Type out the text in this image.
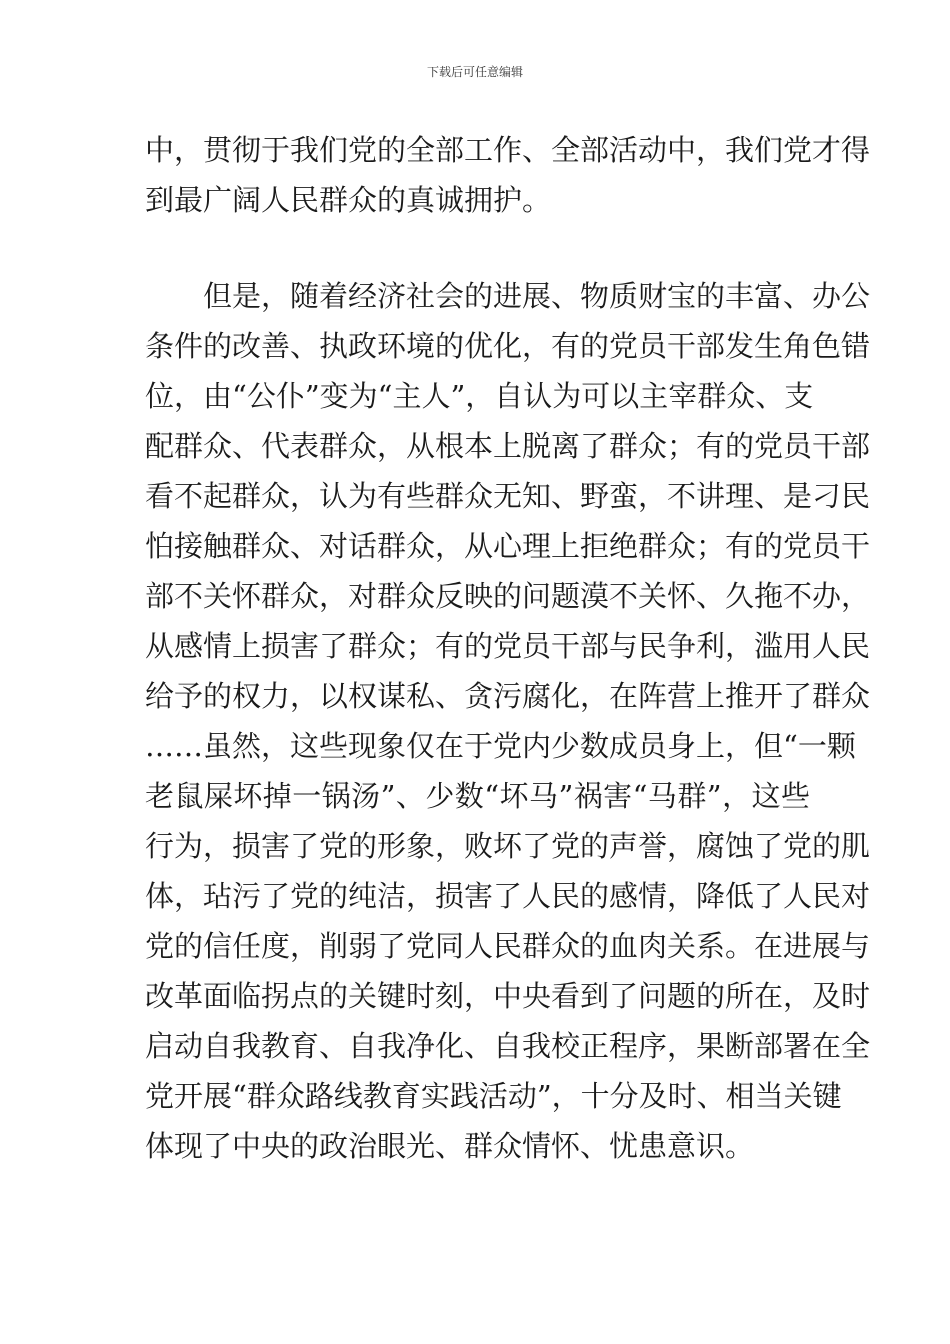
下载后可任意编辑
中，贯彻于我们党的全部工作、全部活动中，我们党才得
到最广阔人民群众的真诚拥护。
但是，随着经济社会的进展、物质财宝的丰富、办公
条件的改善、执政环境的优化，有的党员干部发生角色错
位，由“公仆”变为“主人”，自认为可以主宰群众、支
配群众、代表群众，从根本上脱离了群众；有的党员干部
看不起群众，认为有些群众无知、野蛮，不讲理、是刁民
怕接触群众、对话群众，从心理上拒绝群众；有的党员干
部不关怀群众，对群众反映的问题漠不关怀、久拖不办，
从感情上损害了群众；有的党员干部与民争利，滥用人民
给予的权力，以权谋私、贪污腐化，在阵营上推开了群众
……虽然，这些现象仅在于党内少数成员身上，但“一颗
老鼠屎坏掉一锅汤”、少数“坏马”祸害“马群”，这些
行为，损害了党的形象，败坏了党的声誉，腐蚀了党的肌
体，玷污了党的纯洁，损害了人民的感情，降低了人民对
党的信任度，削弱了党同人民群众的血肉关系。在进展与
改革面临拐点的关键时刻，中央看到了问题的所在，及时
启动自我教育、自我净化、自我校正程序，果断部署在全
党开展“群众路线教育实践活动”，十分及时、相当关键
体现了中央的政治眼光、群众情怀、忧患意识。
